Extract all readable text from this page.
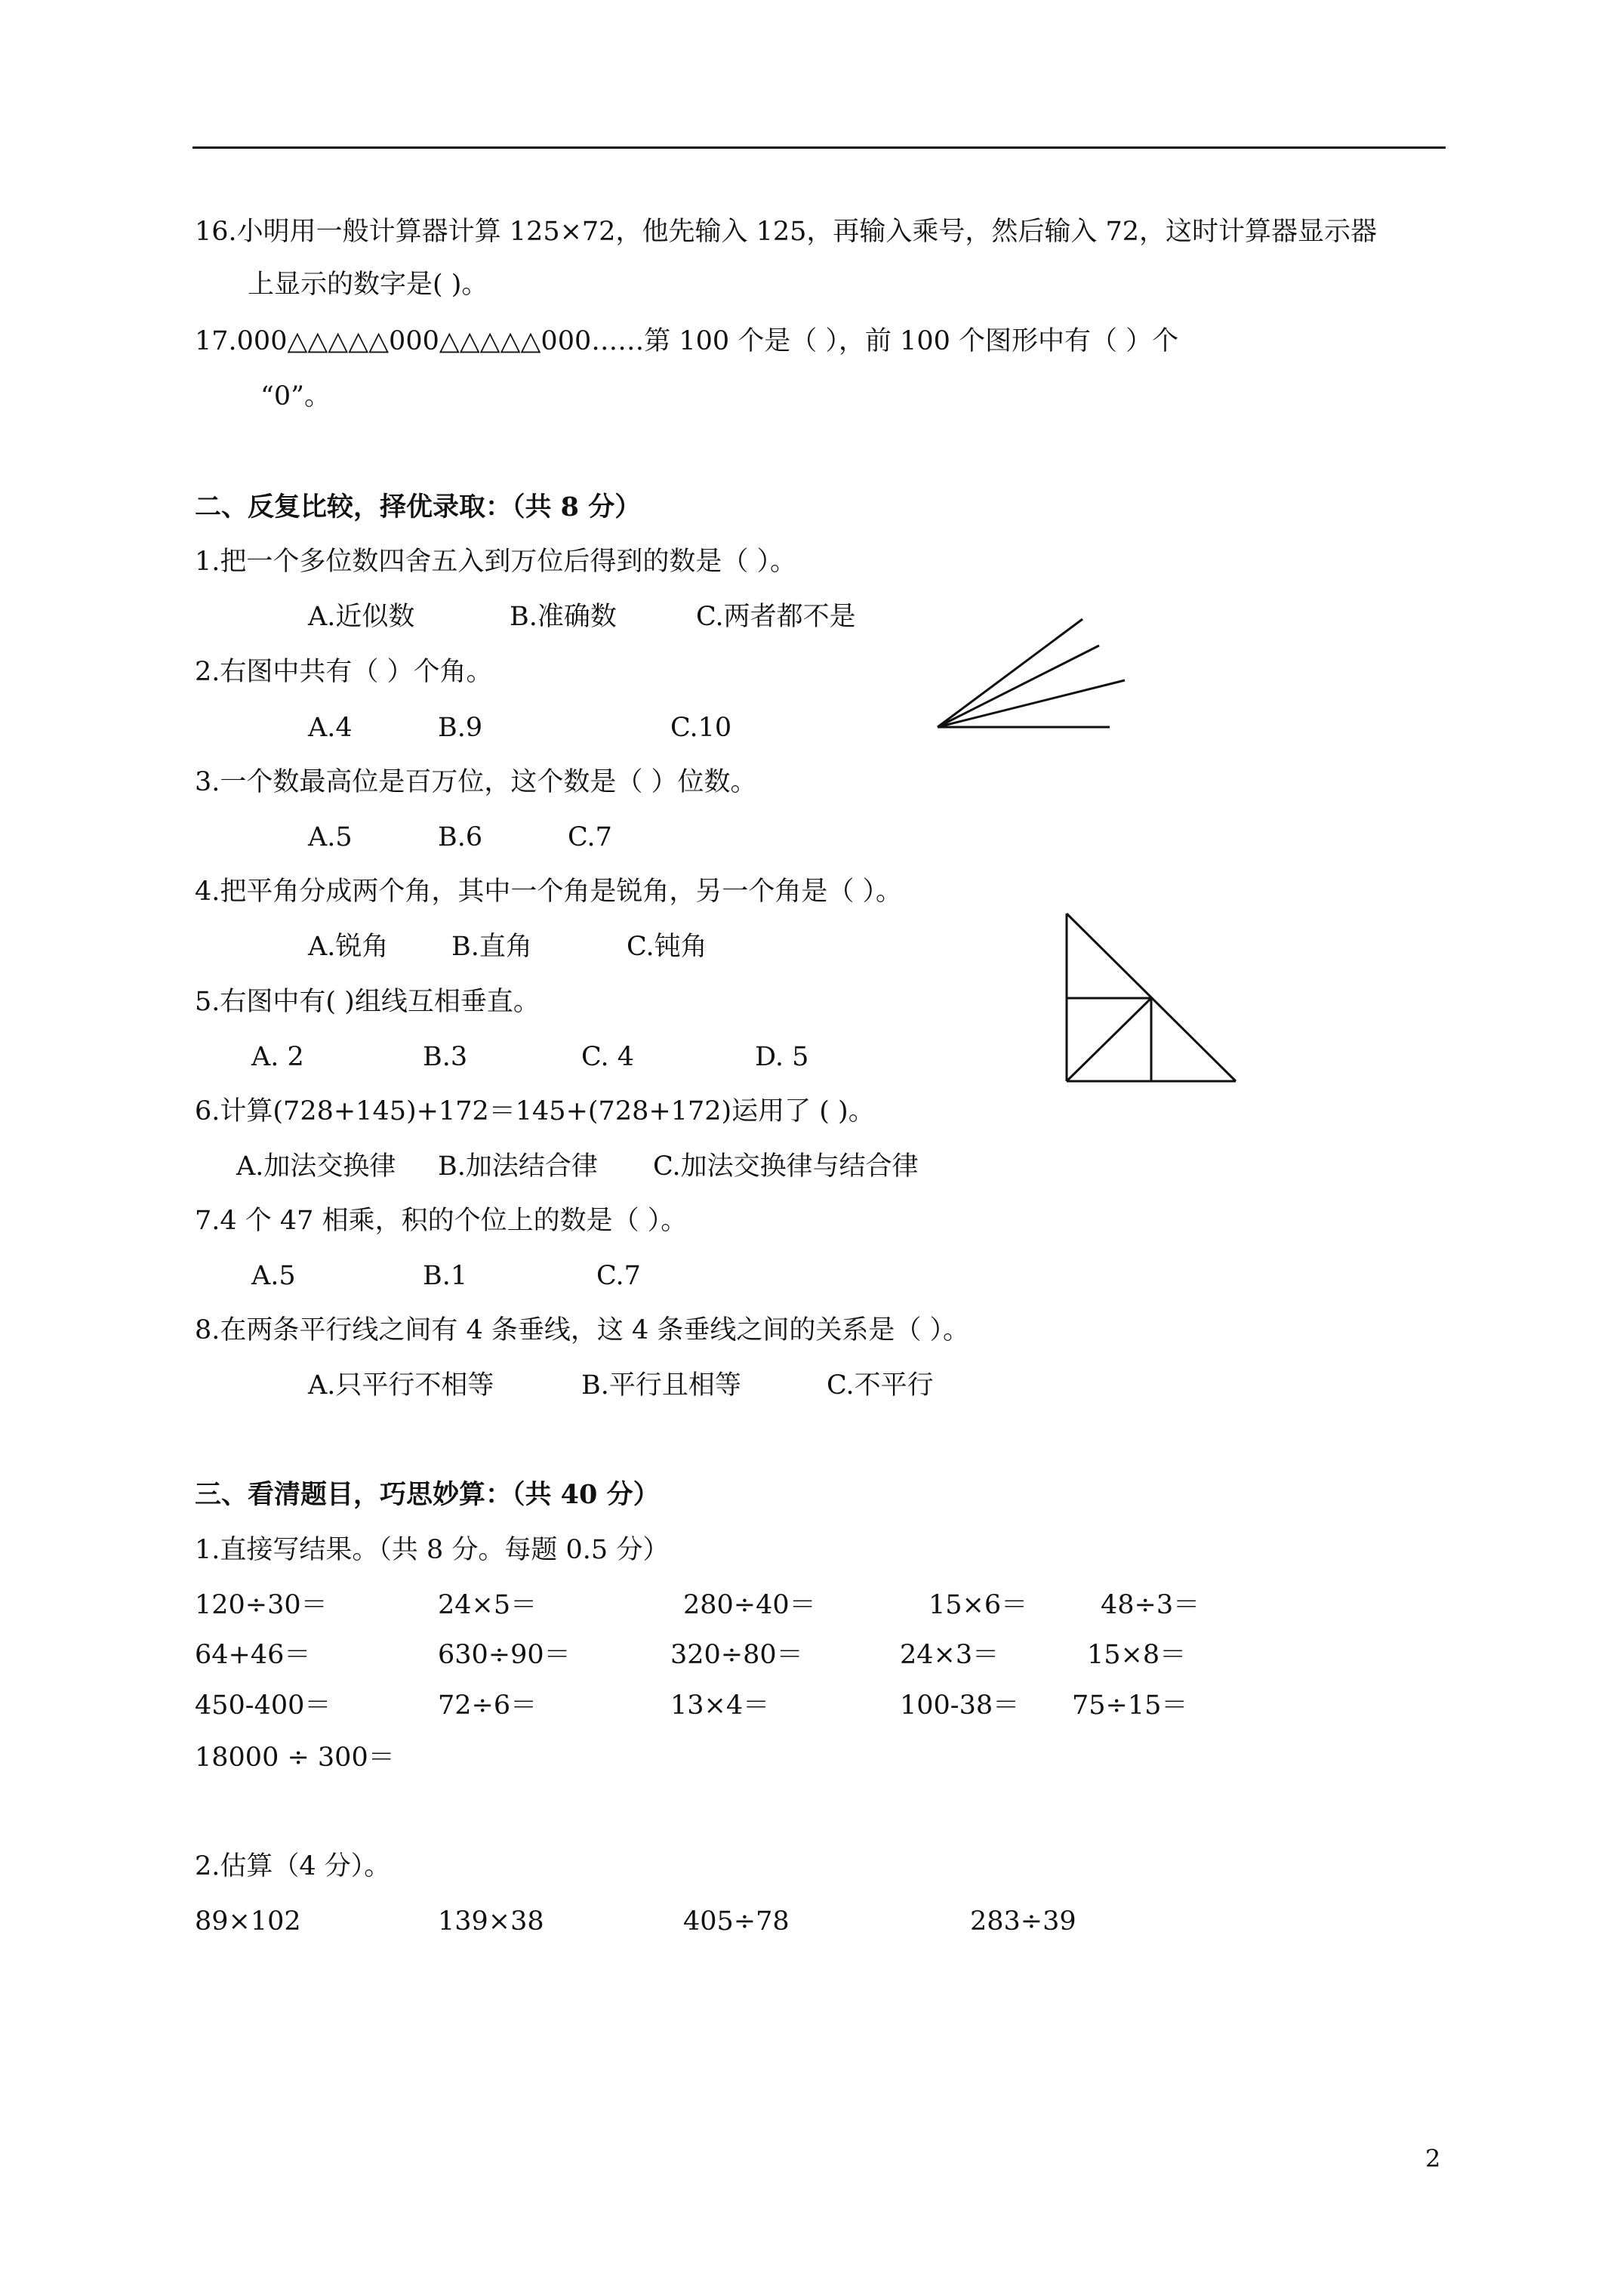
16.小明用一般计算器计算 125×72，他先输入 125，再输入乘号，然后输入 72，这时计算器显示器
上显示的数字是( )。
17.000△△△△△000△△△△△000……第 100 个是（ ），前 100 个图形中有（ ）个
“0”。
二、反复比较，择优录取：（共 8 分）
1.把一个多位数四舍五入到万位后得到的数是（ ）。
A.近似数	B.准确数	C.两者都不是
2.右图中共有（ ）个角。
A.4	B.9	C.10
3.一个数最高位是百万位，这个数是（ ）位数。
A.5	B.6	C.7
4.把平角分成两个角，其中一个角是锐角，另一个角是（ ）。
A.锐角 B.直角	C.钝角
5.右图中有( )组线互相垂直。
A. 2	B.3	C. 4	D. 5
6.计算(728+145)+172＝145+(728+172)运用了 ( )。
A.加法交换律 B.加法结合律 C.加法交换律与结合律
7.4 个 47 相乘，积的个位上的数是（ ）。
A.5	B.1	C.7
8.在两条平行线之间有 4 条垂线，这 4 条垂线之间的关系是（ ）。
A.只平行不相等	B.平行且相等	C.不平行
三、看清题目，巧思妙算：（共 40 分）
1.直接写结果。（共 8 分。每题 0.5 分）
120÷30＝	24×5＝	280÷40＝	15×6＝	48÷3＝
64+46＝	630÷90＝	320÷80＝	24×3＝	15×8＝
450-400＝	72÷6＝	13×4＝	100-38＝ 75÷15＝
18000 ÷ 300＝
2.估算（4 分）。
89×102	139×38	405÷78	283÷39
2
